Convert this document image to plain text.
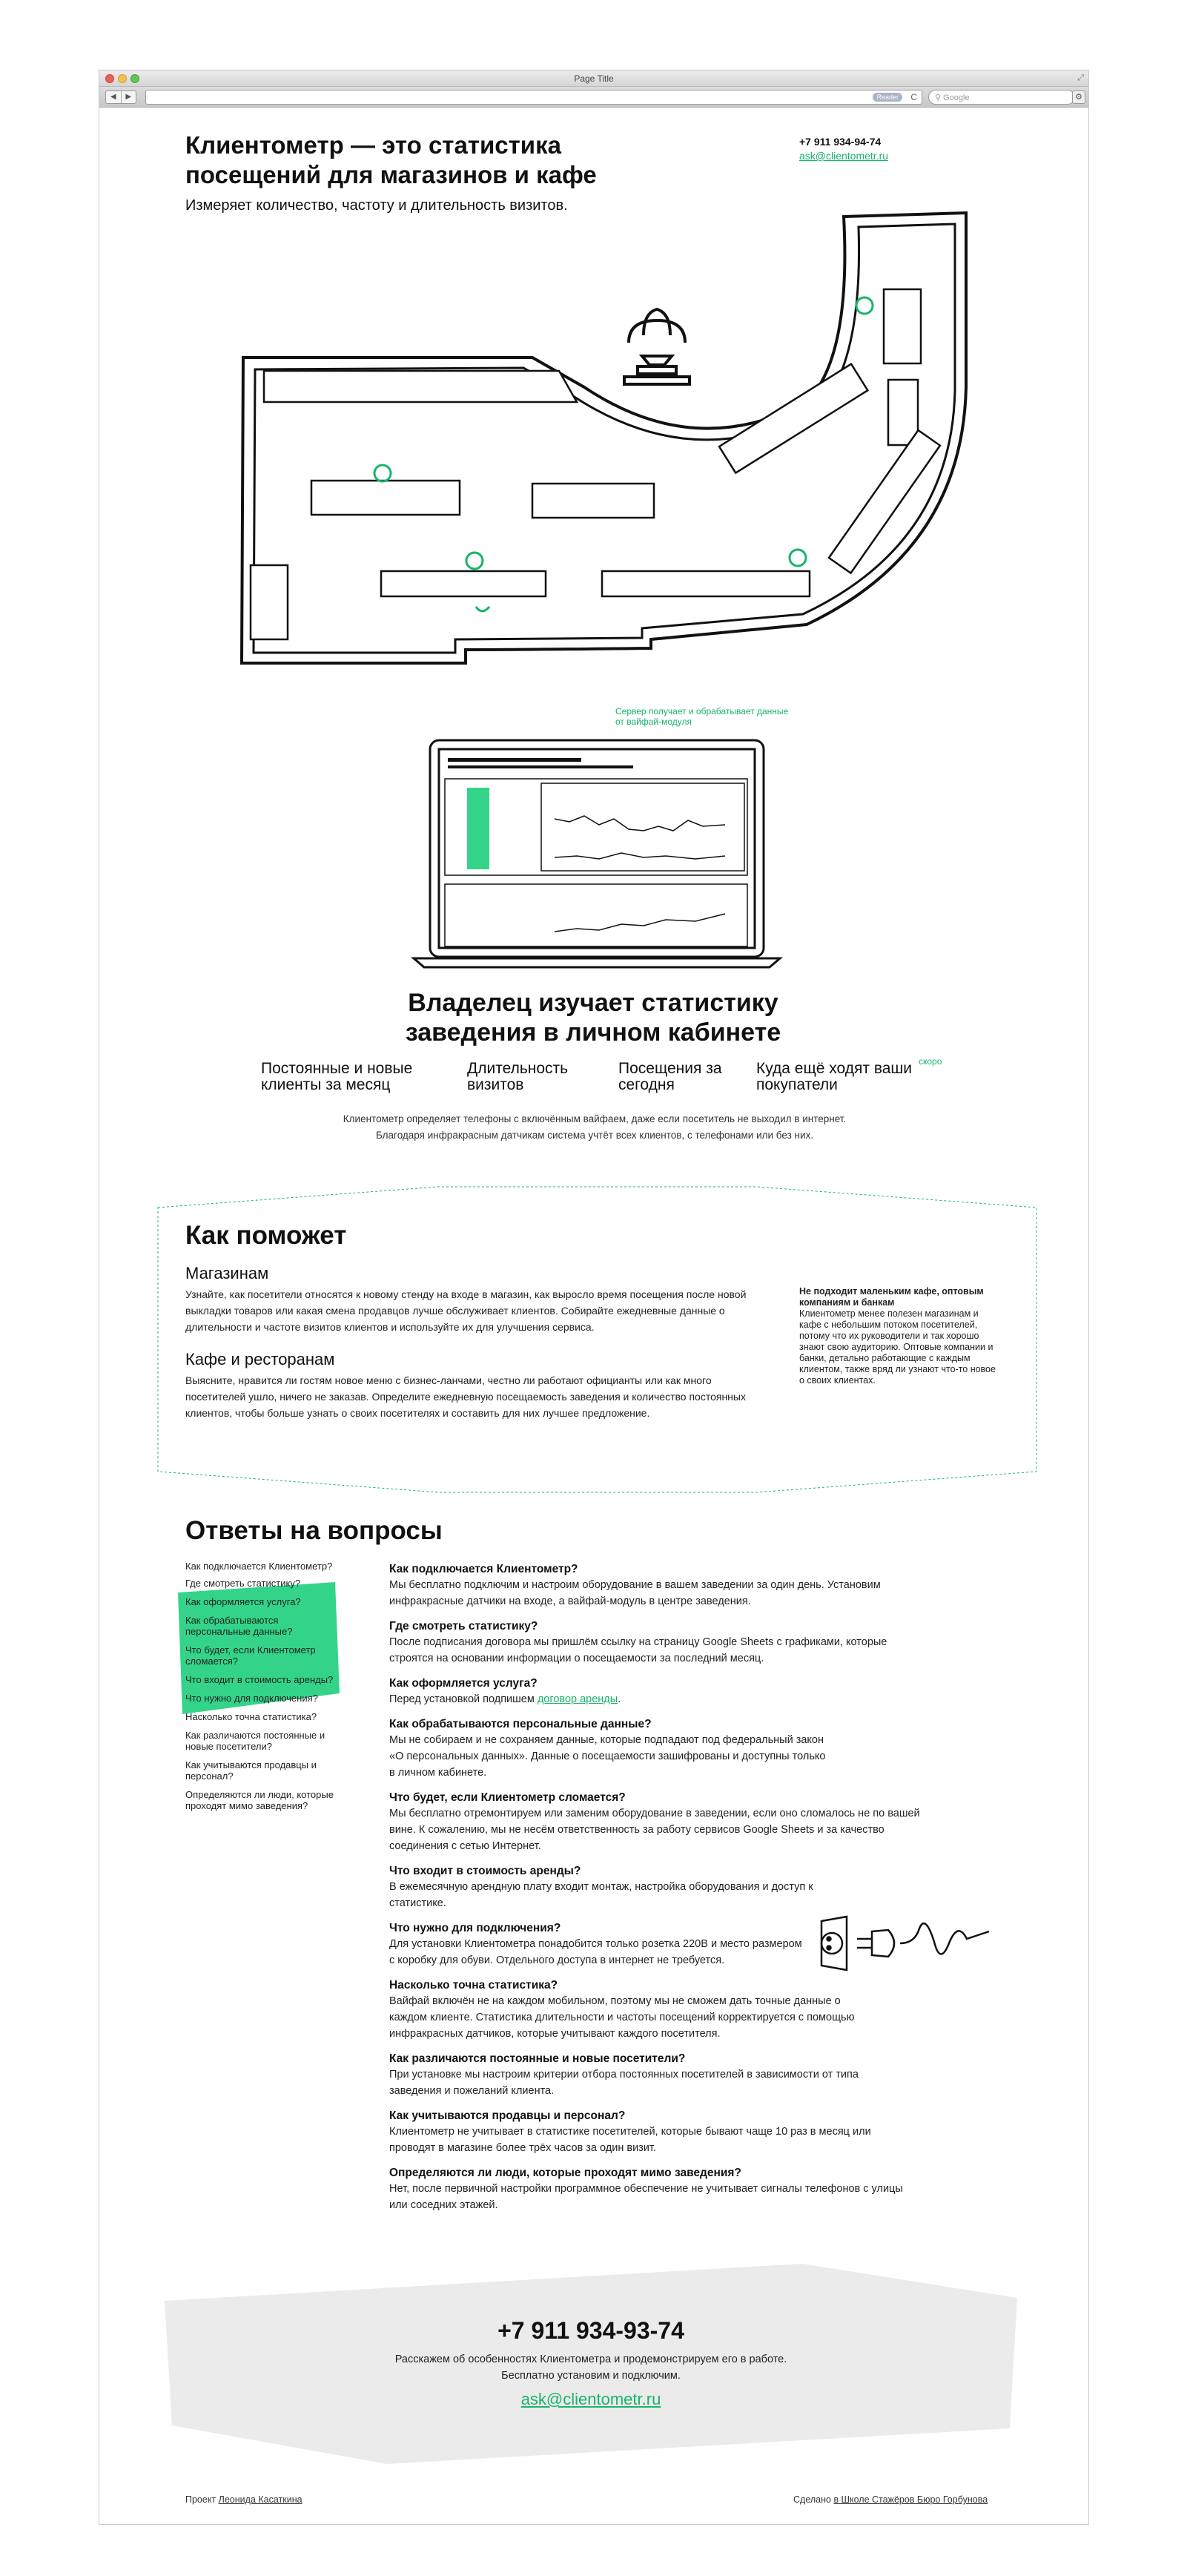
Page Title	⤢
◀	▶	Reader	C	⚲ Google	⚙
Клиентометр — это статистика посещений для магазинов и кафе
Измеряет количество, частоту и длительность визитов.
+7 911 934-94-74
ask@clientometr.ru
Сервер получает и обрабатывает данные от вайфай-модуля
Владелец изучает статистику заведения в личном кабинете
Постоянные и новые клиенты за месяц
Длительность визитов
Посещения за сегодня
Куда ещё ходят ваши покупатели
скоро
Клиентометр определяет телефоны с включённым вайфаем, даже если посетитель не выходил в интернет.
Благодаря инфракрасным датчикам система учтёт всех клиентов, с телефонами или без них.
Как поможет
Магазинам

Узнайте, как посетители относятся к новому стенду на входе в магазин, как выросло время посещения после новой выкладки товаров или какая смена продавцов лучше обслуживает клиентов. Собирайте ежедневные данные о длительности и частоте визитов клиентов и используйте их для улучшения сервиса.

Кафе и ресторанам

Выясните, нравится ли гостям новое меню с бизнес-ланчами, честно ли работают официанты или как много посетителей ушло, ничего не заказав. Определите ежедневную посещаемость заведения и количество постоянных клиентов, чтобы больше узнать о своих посетителях и составить для них лучшее предложение.

Не подходит маленьким кафе, оптовым компаниям и банкам
Клиентометр менее полезен магазинам и кафе с небольшим потоком посетителей, потому что их руководители и так хорошо знают свою аудиторию. Оптовые компании и банки, детально работающие с каждым клиентом, также вряд ли узнают что-то новое о своих клиентах.
Ответы на вопросы
Как подключается Клиентометр?
Где смотреть статистику?
Как оформляется услуга?
Как обрабатываются персональные данные?
Что будет, если Клиентометр сломается?
Что входит в стоимость аренды?
Что нужно для подключения?
Насколько точна статистика?
Как различаются постоянные и новые посетители?
Как учитываются продавцы и персонал?
Определяются ли люди, которые проходят мимо заведения?
Как подключается Клиентометр?
Мы бесплатно подключим и настроим оборудование в вашем заведении за один день. Установим инфракрасные датчики на входе, а вайфай-модуль в центре заведения.
Где смотреть статистику?
После подписания договора мы пришлём ссылку на страницу Google Sheets с графиками, которые строятся на основании информации о посещаемости за последний месяц.
Как оформляется услуга?
Перед установкой подпишем договор аренды.
Как обрабатываются персональные данные?
Мы не собираем и не сохраняем данные, которые подпадают под федеральный закон «О персональных данных». Данные о посещаемости зашифрованы и доступны только в личном кабинете.
Что будет, если Клиентометр сломается?
Мы бесплатно отремонтируем или заменим оборудование в заведении, если оно сломалось не по вашей вине. К сожалению, мы не несём ответственность за работу сервисов Google Sheets и за качество соединения с сетью Интернет.
Что входит в стоимость аренды?
В ежемесячную арендную плату входит монтаж, настройка оборудования и доступ к статистике.
Что нужно для подключения?
Для установки Клиентометра понадобится только розетка 220В и место размером с коробку для обуви. Отдельного доступа в интернет не требуется.
Насколько точна статистика?
Вайфай включён не на каждом мобильном, поэтому мы не сможем дать точные данные о каждом клиенте. Статистика длительности и частоты посещений корректируется с помощью инфракрасных датчиков, которые учитывают каждого посетителя.
Как различаются постоянные и новые посетители?
При установке мы настроим критерии отбора постоянных посетителей в зависимости от типа заведения и пожеланий клиента.
Как учитываются продавцы и персонал?
Клиентометр не учитывает в статистике посетителей, которые бывают чаще 10 раз в месяц или проводят в магазине более трёх часов за один визит.
Определяются ли люди, которые проходят мимо заведения?
Нет, после первичной настройки программное обеспечение не учитывает сигналы телефонов с улицы или соседних этажей.
+7 911 934-93-74
Расскажем об особенностях Клиентометра и продемонстрируем его в работе.
Бесплатно установим и подключим.
ask@clientometr.ru
Проект Леонида Касаткина	Сделано в Школе Стажёров Бюро Горбунова
